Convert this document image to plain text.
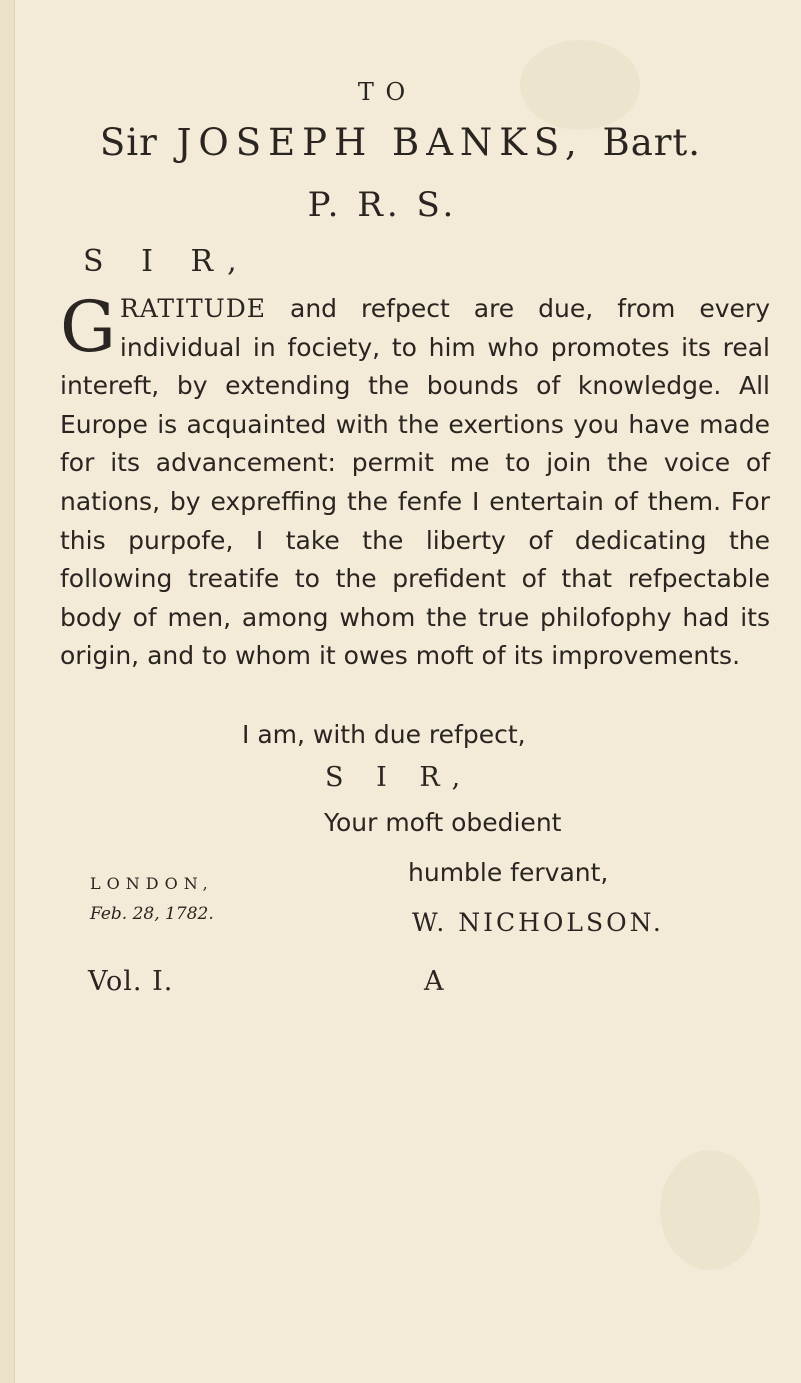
T O
Sir JOSEPH BANKS, Bart.
P. R. S.
S I R,

GRATITUDE and refpect are due, from every individual in fociety, to him who promotes its real intereft, by extending the bounds of knowledge. All Europe is acquainted with the exertions you have made for its advancement: permit me to join the voice of nations, by expreffing the fenfe I entertain of them. For this purpofe, I take the liberty of dedicating the following treatife to the prefident of that refpectable body of men, among whom the true philofophy had its origin, and to whom it owes moft of its improvements.

I am, with due refpect,
S I R,
Your moft obedient
humble fervant,
LONDON,
Feb. 28, 1782.	W. NICHOLSON.
Vol. I.	A
